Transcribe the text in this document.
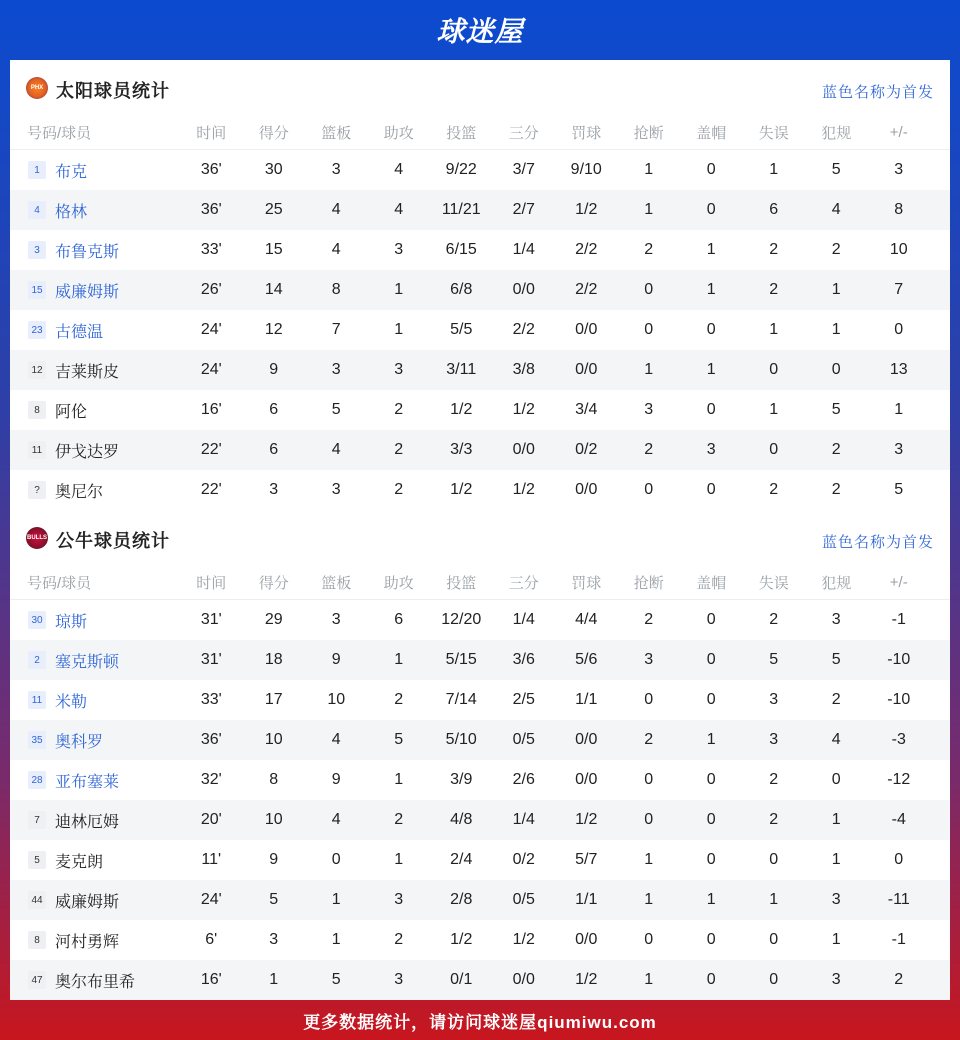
球迷屋
PHX 太阳球员统计	蓝色名称为首发
号码/球员	时间	得分	篮板	助攻	投篮	三分	罚球	抢断	盖帽	失误	犯规	+/-
1 布克	36'	30	3	4	9/22	3/7	9/10	1	0	1	5	3
4 格林	36'	25	4	4	11/21	2/7	1/2	1	0	6	4	8
3 布鲁克斯	33'	15	4	3	6/15	1/4	2/2	2	1	2	2	10
15 威廉姆斯	26'	14	8	1	6/8	0/0	2/2	0	1	2	1	7
23 古德温	24'	12	7	1	5/5	2/2	0/0	0	0	1	1	0
12 吉莱斯皮	24'	9	3	3	3/11	3/8	0/0	1	1	0	0	13
8 阿伦	16'	6	5	2	1/2	1/2	3/4	3	0	1	5	1
11 伊戈达罗	22'	6	4	2	3/3	0/0	0/2	2	3	0	2	3
? 奥尼尔	22'	3	3	2	1/2	1/2	0/0	0	0	2	2	5
BULLS 公牛球员统计	蓝色名称为首发
号码/球员	时间	得分	篮板	助攻	投篮	三分	罚球	抢断	盖帽	失误	犯规	+/-
30 琼斯	31'	29	3	6	12/20	1/4	4/4	2	0	2	3	-1
2 塞克斯顿	31'	18	9	1	5/15	3/6	5/6	3	0	5	5	-10
11 米勒	33'	17	10	2	7/14	2/5	1/1	0	0	3	2	-10
35 奥科罗	36'	10	4	5	5/10	0/5	0/0	2	1	3	4	-3
28 亚布塞莱	32'	8	9	1	3/9	2/6	0/0	0	0	2	0	-12
7 迪林厄姆	20'	10	4	2	4/8	1/4	1/2	0	0	2	1	-4
5 麦克朗	11'	9	0	1	2/4	0/2	5/7	1	0	0	1	0
44 威廉姆斯	24'	5	1	3	2/8	0/5	1/1	1	1	1	3	-11
8 河村勇辉	6'	3	1	2	1/2	1/2	0/0	0	0	0	1	-1
47 奥尔布里希	16'	1	5	3	0/1	0/0	1/2	1	0	0	3	2
更多数据统计，请访问球迷屋qiumiwu.com
